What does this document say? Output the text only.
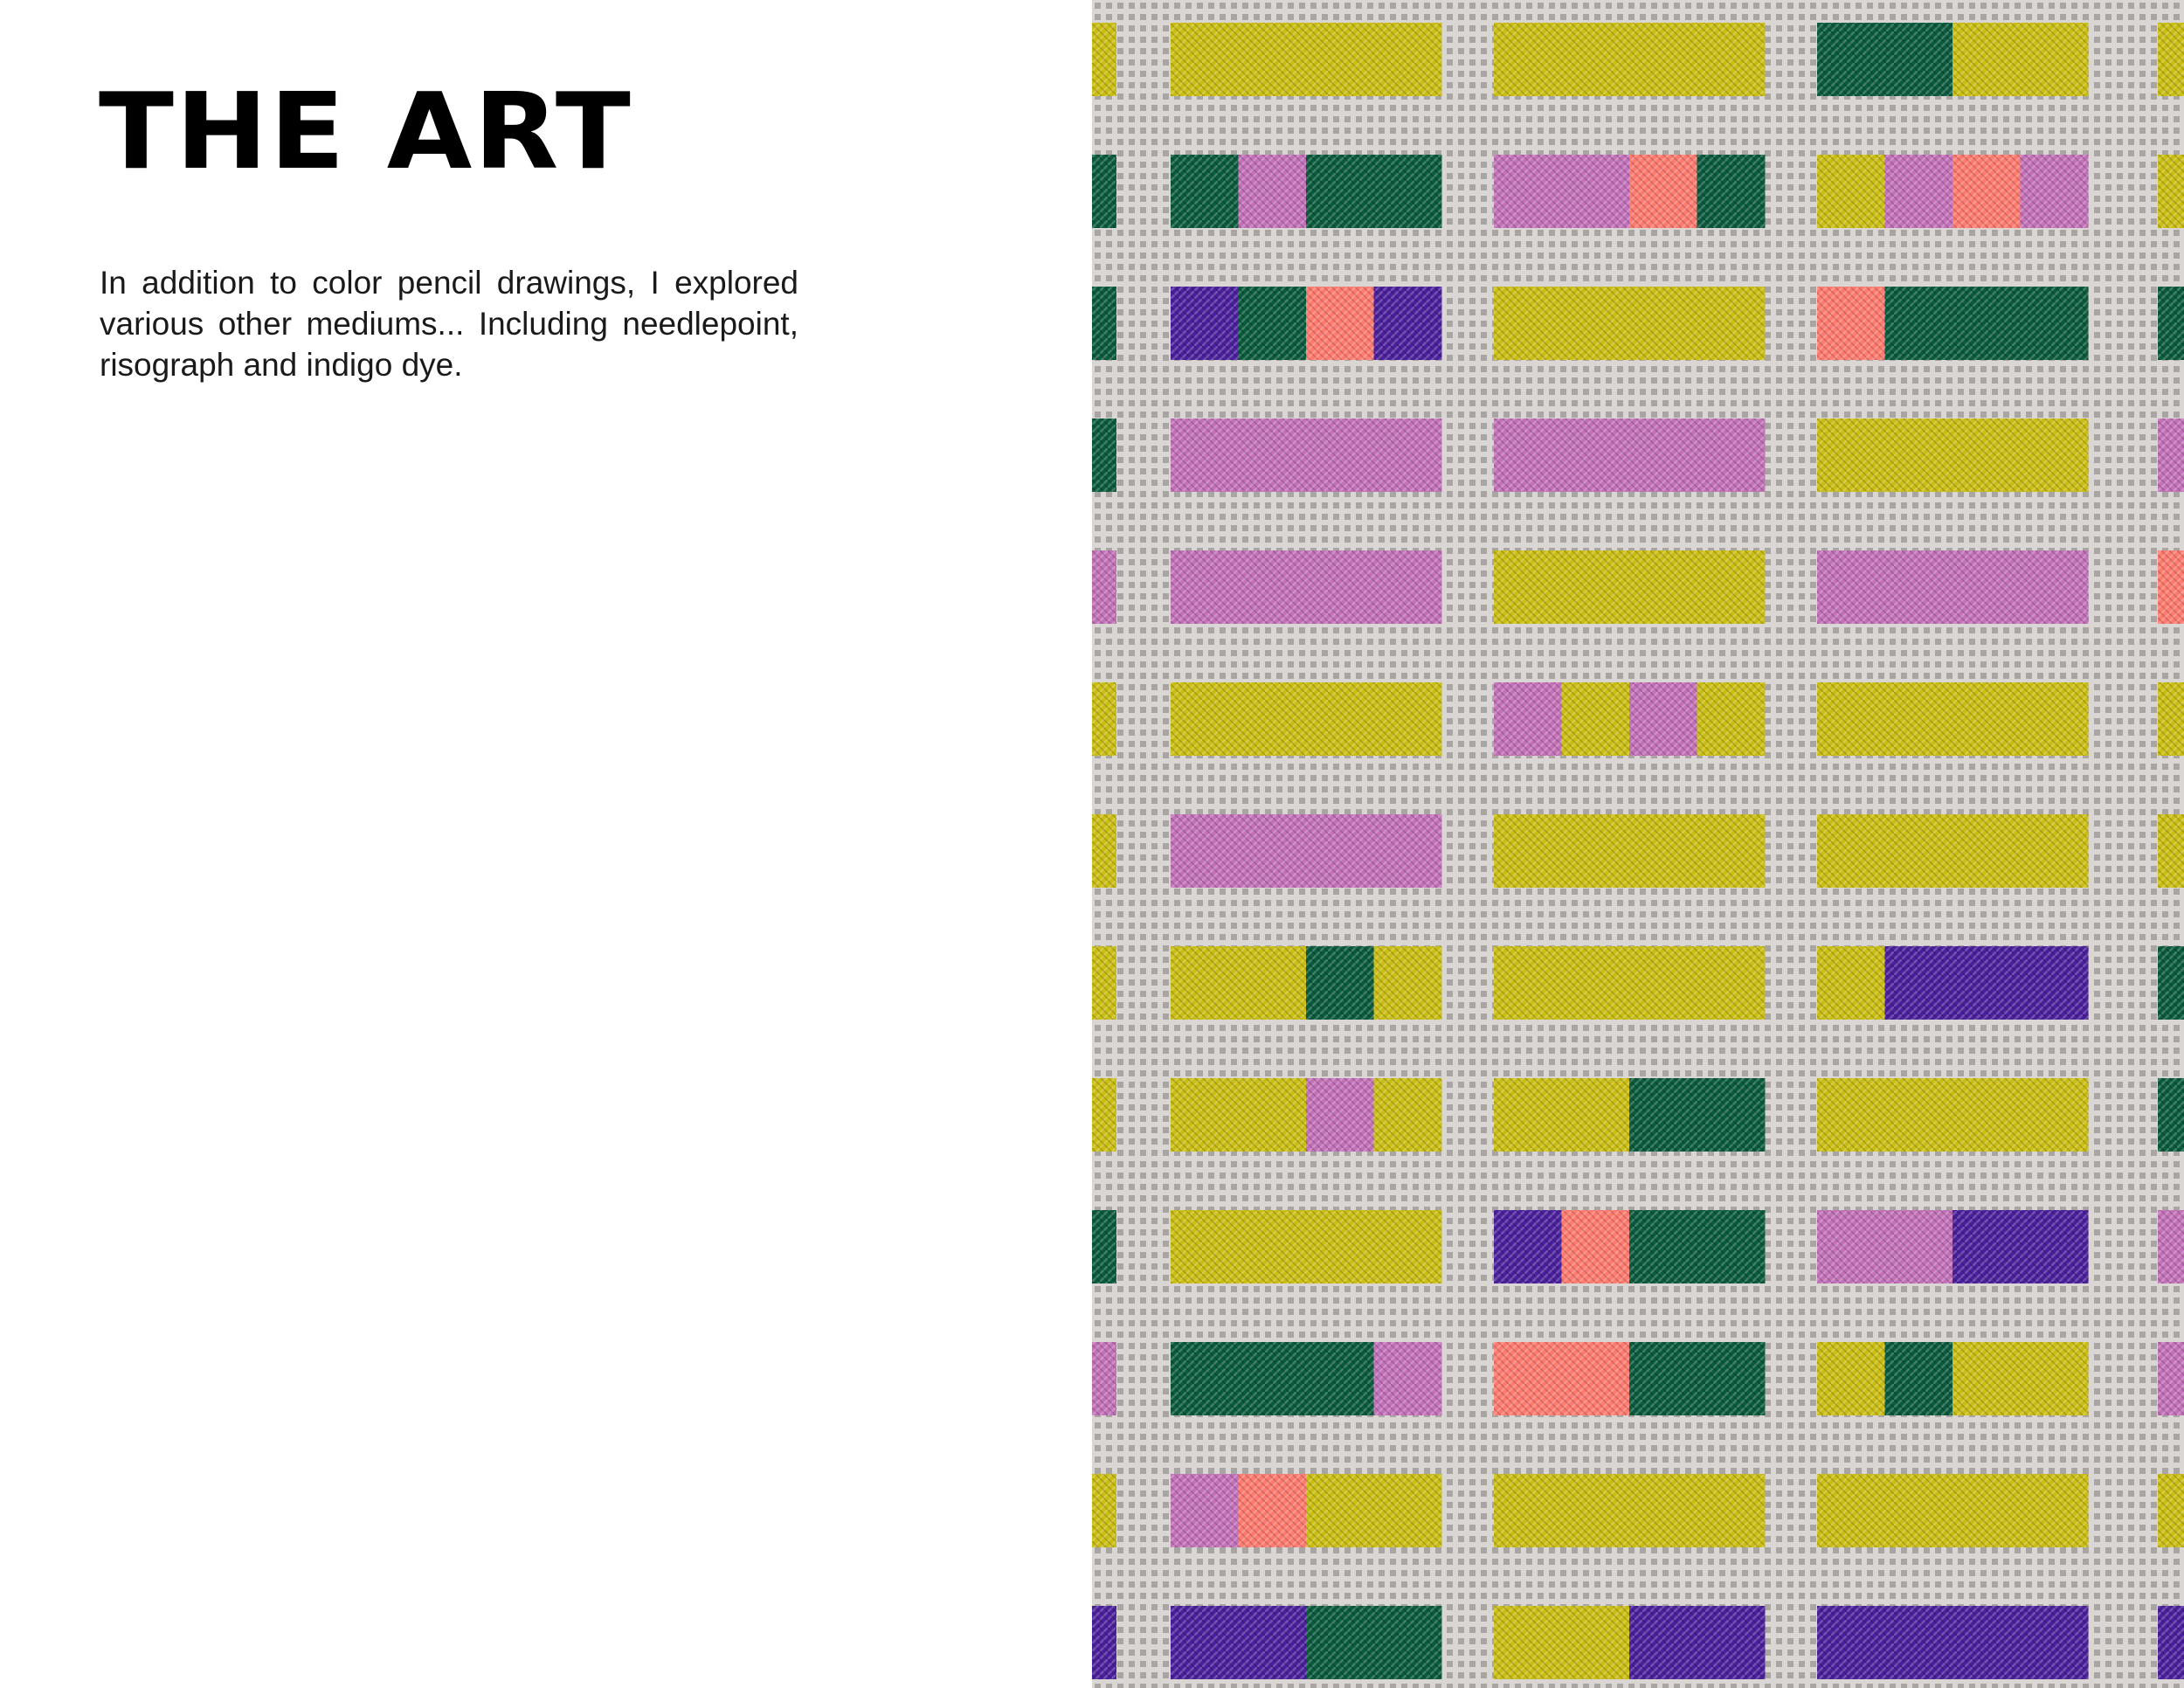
THE ART

In addition to color pencil drawings, I explored various other mediums... Including needlepoint, risograph and indigo dye.
